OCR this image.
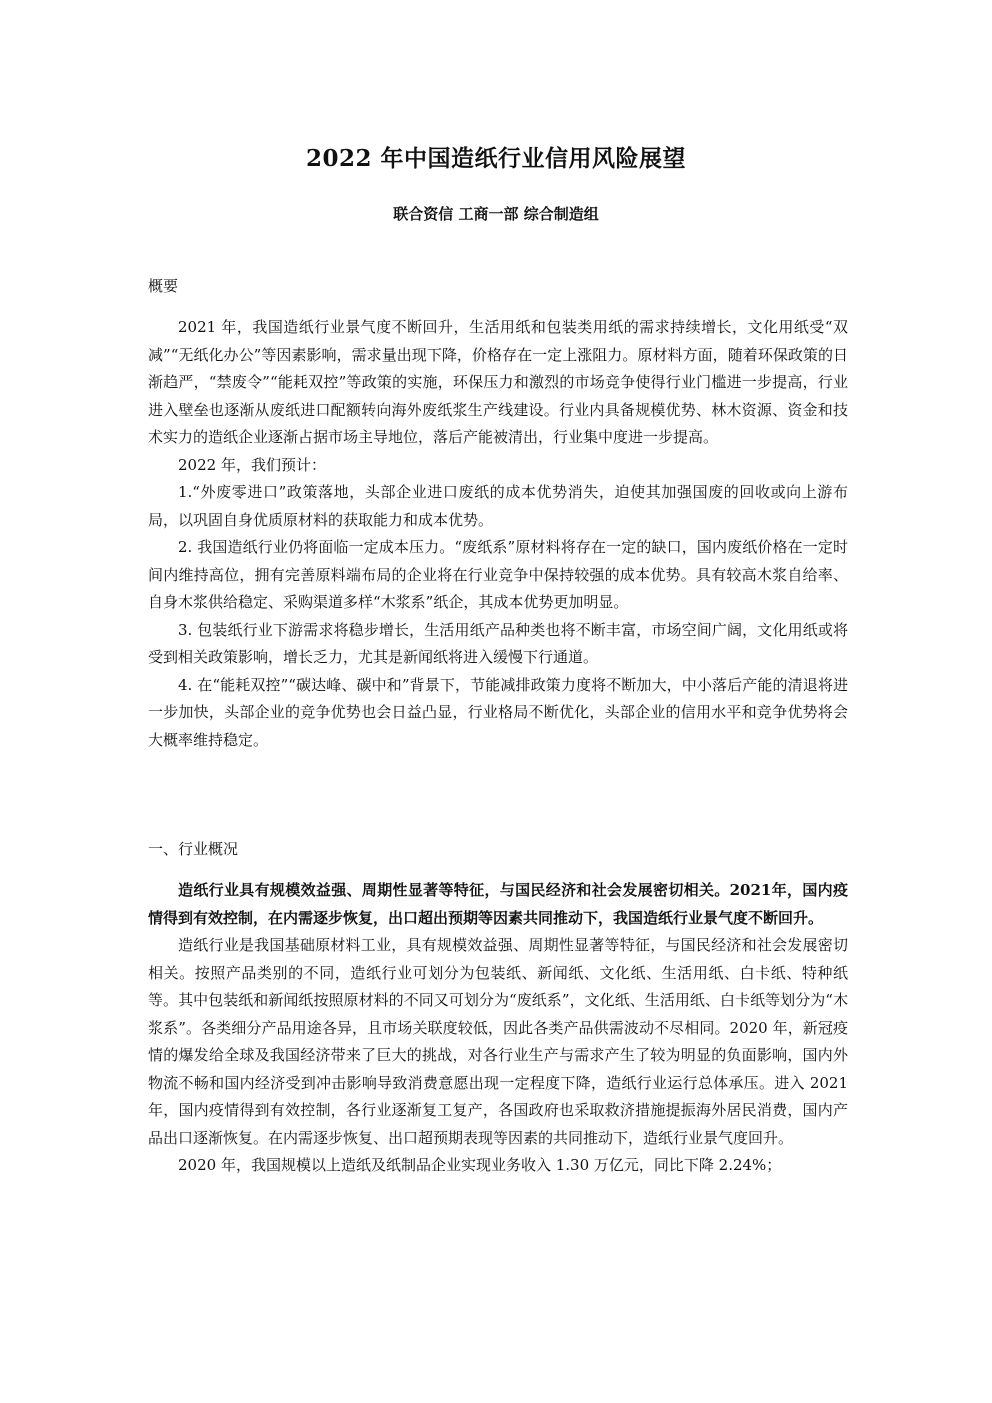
2022 年中国造纸行业信用风险展望
联合资信 工商一部 综合制造组
概要

2021 年，我国造纸行业景气度不断回升，生活用纸和包装类用纸的需求持续增长，文化用纸受“双减”“无纸化办公”等因素影响，需求量出现下降，价格存在一定上涨阻力。原材料方面，随着环保政策的日渐趋严，“禁废令”“能耗双控”等政策的实施，环保压力和激烈的市场竞争使得行业门槛进一步提高，行业进入壁垒也逐渐从废纸进口配额转向海外废纸浆生产线建设。行业内具备规模优势、林木资源、资金和技术实力的造纸企业逐渐占据市场主导地位，落后产能被清出，行业集中度进一步提高。

2022 年，我们预计：

1.“外废零进口”政策落地，头部企业进口废纸的成本优势消失，迫使其加强国废的回收或向上游布局，以巩固自身优质原材料的获取能力和成本优势。

2. 我国造纸行业仍将面临一定成本压力。“废纸系”原材料将存在一定的缺口，国内废纸价格在一定时间内维持高位，拥有完善原料端布局的企业将在行业竞争中保持较强的成本优势。具有较高木浆自给率、自身木浆供给稳定、采购渠道多样“木浆系”纸企，其成本优势更加明显。

3. 包装纸行业下游需求将稳步增长，生活用纸产品种类也将不断丰富，市场空间广阔，文化用纸或将受到相关政策影响，增长乏力，尤其是新闻纸将进入缓慢下行通道。

4. 在“能耗双控”“碳达峰、碳中和”背景下，节能减排政策力度将不断加大，中小落后产能的清退将进一步加快，头部企业的竞争优势也会日益凸显，行业格局不断优化，头部企业的信用水平和竞争优势将会大概率维持稳定。

一、行业概况

造纸行业具有规模效益强、周期性显著等特征，与国民经济和社会发展密切相关。2021年，国内疫情得到有效控制，在内需逐步恢复，出口超出预期等因素共同推动下，我国造纸行业景气度不断回升。

造纸行业是我国基础原材料工业，具有规模效益强、周期性显著等特征，与国民经济和社会发展密切相关。按照产品类别的不同，造纸行业可划分为包装纸、新闻纸、文化纸、生活用纸、白卡纸、特种纸等。其中包装纸和新闻纸按照原材料的不同又可划分为“废纸系”，文化纸、生活用纸、白卡纸等划分为“木浆系”。各类细分产品用途各异，且市场关联度较低，因此各类产品供需波动不尽相同。2020 年，新冠疫情的爆发给全球及我国经济带来了巨大的挑战，对各行业生产与需求产生了较为明显的负面影响，国内外物流不畅和国内经济受到冲击影响导致消费意愿出现一定程度下降，造纸行业运行总体承压。进入 2021 年，国内疫情得到有效控制，各行业逐渐复工复产，各国政府也采取救济措施提振海外居民消费，国内产品出口逐渐恢复。在内需逐步恢复、出口超预期表现等因素的共同推动下，造纸行业景气度回升。

2020 年，我国规模以上造纸及纸制品企业实现业务收入 1.30 万亿元，同比下降 2.24%；
